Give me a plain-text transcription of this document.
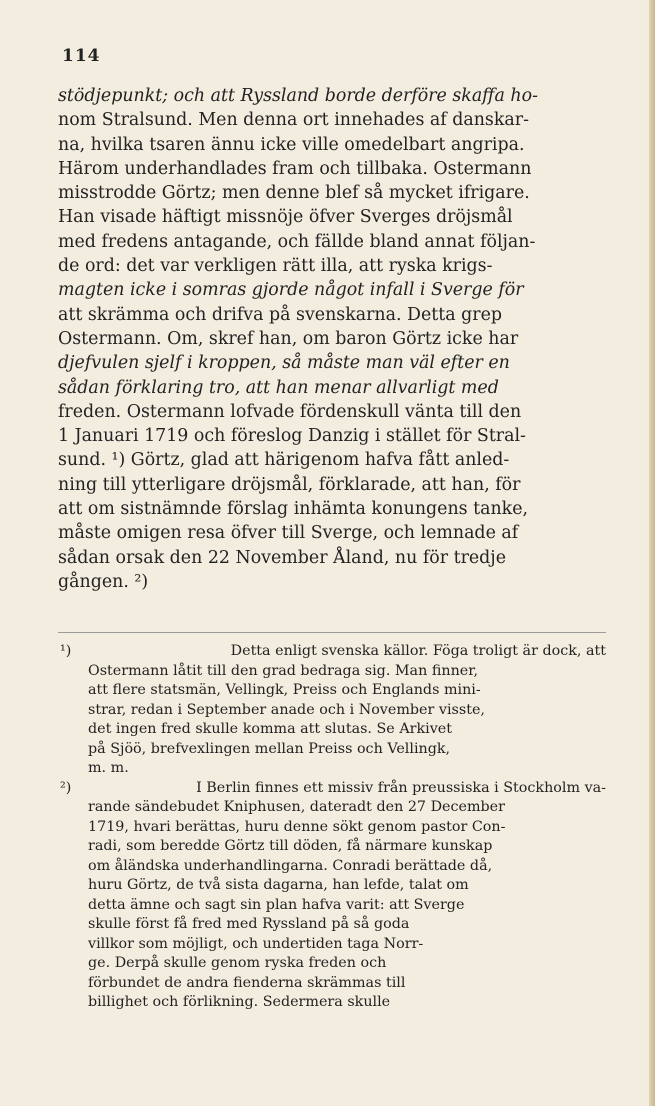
114
stödjepunkt; och att Ryssland borde derföre skaffa ho-
nom Stralsund. Men denna ort innehades af danskar-
na, hvilka tsaren ännu icke ville omedelbart angripa.
Härom underhandlades fram och tillbaka. Ostermann
misstrodde Görtz; men denne blef så mycket ifrigare.
Han visade häftigt missnöje öfver Sverges dröjsmål
med fredens antagande, och fällde bland annat följan-
de ord: det var verkligen rätt illa, att ryska krigs-
magten icke i somras gjorde något infall i Sverge för
att skrämma och drifva på svenskarna. Detta grep
Ostermann. Om, skref han, om baron Görtz icke har
djefvulen sjelf i kroppen, så måste man väl efter en
sådan förklaring tro, att han menar allvarligt med
freden. Ostermann lofvade fördenskull vänta till den
1 Januari 1719 och föreslog Danzig i stället för Stral-
sund. ¹) Görtz, glad att härigenom hafva fått anled-
ning till ytterligare dröjsmål, förklarade, att han, för
att om sistnämnde förslag inhämta konungens tanke,
måste omigen resa öfver till Sverge, och lemnade af
sådan orsak den 22 November Åland, nu för tredje
gången. ²)
¹)	Detta enligt svenska källor. Föga troligt är dock, att
Ostermann låtit till den grad bedraga sig. Man finner,
att flere statsmän, Vellingk, Preiss och Englands mini-
strar, redan i September anade och i November visste,
det ingen fred skulle komma att slutas. Se Arkivet
på Sjöö, brefvexlingen mellan Preiss och Vellingk,
m. m.
²)	I Berlin finnes ett missiv från preussiska i Stockholm va-
rande sändebudet Kniphusen, dateradt den 27 December
1719, hvari berättas, huru denne sökt genom pastor Con-
radi, som beredde Görtz till döden, få närmare kunskap
om åländska underhandlingarna. Conradi berättade då,
huru Görtz, de två sista dagarna, han lefde, talat om
detta ämne och sagt sin plan hafva varit: att Sverge
skulle först få fred med Ryssland på så goda
villkor som möjligt, och undertiden taga Norr-
ge. Derpå skulle genom ryska freden och
förbundet de andra fienderna skrämmas till
billighet och förlikning. Sedermera skulle
